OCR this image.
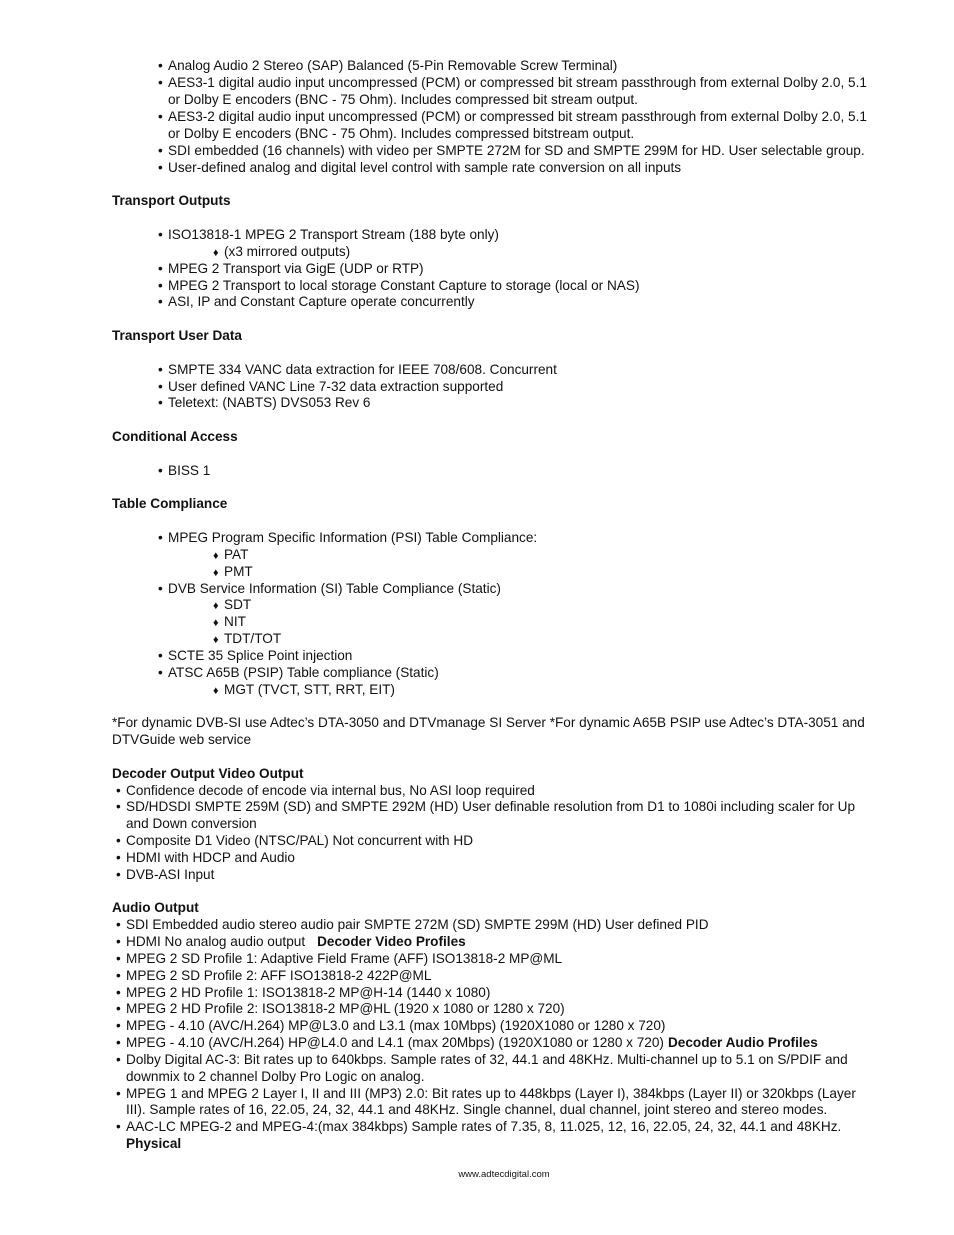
• Analog Audio 2 Stereo (SAP) Balanced (5-Pin Removable Screw Terminal)
• AES3-1 digital audio input uncompressed (PCM) or compressed bit stream passthrough from external Dolby 2.0, 5.1
or Dolby E encoders (BNC - 75 Ohm). Includes compressed bit stream output.
• AES3-2 digital audio input uncompressed (PCM) or compressed bit stream passthrough from external Dolby 2.0, 5.1
or Dolby E encoders (BNC - 75 Ohm). Includes compressed bitstream output.
• SDI embedded (16 channels) with video per SMPTE 272M for SD and SMPTE 299M for HD. User selectable group.
• User-defined analog and digital level control with sample rate conversion on all inputs
Transport Outputs
• ISO13818-1 MPEG 2 Transport Stream (188 byte only)
♦ (x3 mirrored outputs)
• MPEG 2 Transport via GigE (UDP or RTP)
• MPEG 2 Transport to local storage Constant Capture to storage (local or NAS)
• ASI, IP and Constant Capture operate concurrently
Transport User Data
• SMPTE 334 VANC data extraction for IEEE 708/608. Concurrent
• User defined VANC Line 7-32 data extraction supported
• Teletext: (NABTS) DVS053 Rev 6
Conditional Access
• BISS 1
Table Compliance
• MPEG Program Specific Information (PSI) Table Compliance:
♦ PAT
♦ PMT
• DVB Service Information (SI) Table Compliance (Static)
♦ SDT
♦ NIT
♦ TDT/TOT
• SCTE 35 Splice Point injection
• ATSC A65B (PSIP) Table compliance (Static)
♦ MGT (TVCT, STT, RRT, EIT)
*For dynamic DVB-SI use Adtec’s DTA-3050 and DTVmanage SI Server *For dynamic A65B PSIP use Adtec’s DTA-3051 and
DTVGuide web service
Decoder Output Video Output
• Confidence decode of encode via internal bus, No ASI loop required
• SD/HDSDI SMPTE 259M (SD) and SMPTE 292M (HD) User definable resolution from D1 to 1080i including scaler for Up
and Down conversion
• Composite D1 Video (NTSC/PAL) Not concurrent with HD
• HDMI with HDCP and Audio
• DVB-ASI Input
Audio Output
• SDI Embedded audio stereo audio pair SMPTE 272M (SD) SMPTE 299M (HD) User defined PID
• HDMI No analog audio output Decoder Video Profiles
• MPEG 2 SD Profile 1: Adaptive Field Frame (AFF) ISO13818-2 MP@ML
• MPEG 2 SD Profile 2: AFF ISO13818-2 422P@ML
• MPEG 2 HD Profile 1: ISO13818-2 MP@H-14 (1440 x 1080)
• MPEG 2 HD Profile 2: ISO13818-2 MP@HL (1920 x 1080 or 1280 x 720)
• MPEG - 4.10 (AVC/H.264) MP@L3.0 and L3.1 (max 10Mbps) (1920X1080 or 1280 x 720)
• MPEG - 4.10 (AVC/H.264) HP@L4.0 and L4.1 (max 20Mbps) (1920X1080 or 1280 x 720) Decoder Audio Profiles
• Dolby Digital AC-3: Bit rates up to 640kbps. Sample rates of 32, 44.1 and 48KHz. Multi-channel up to 5.1 on S/PDIF and
downmix to 2 channel Dolby Pro Logic on analog.
• MPEG 1 and MPEG 2 Layer I, II and III (MP3) 2.0: Bit rates up to 448kbps (Layer I), 384kbps (Layer II) or 320kbps (Layer
III). Sample rates of 16, 22.05, 24, 32, 44.1 and 48KHz. Single channel, dual channel, joint stereo and stereo modes.
• AAC-LC MPEG-2 and MPEG-4:(max 384kbps) Sample rates of 7.35, 8, 11.025, 12, 16, 22.05, 24, 32, 44.1 and 48KHz.
Physical
www.adtecdigital.com
